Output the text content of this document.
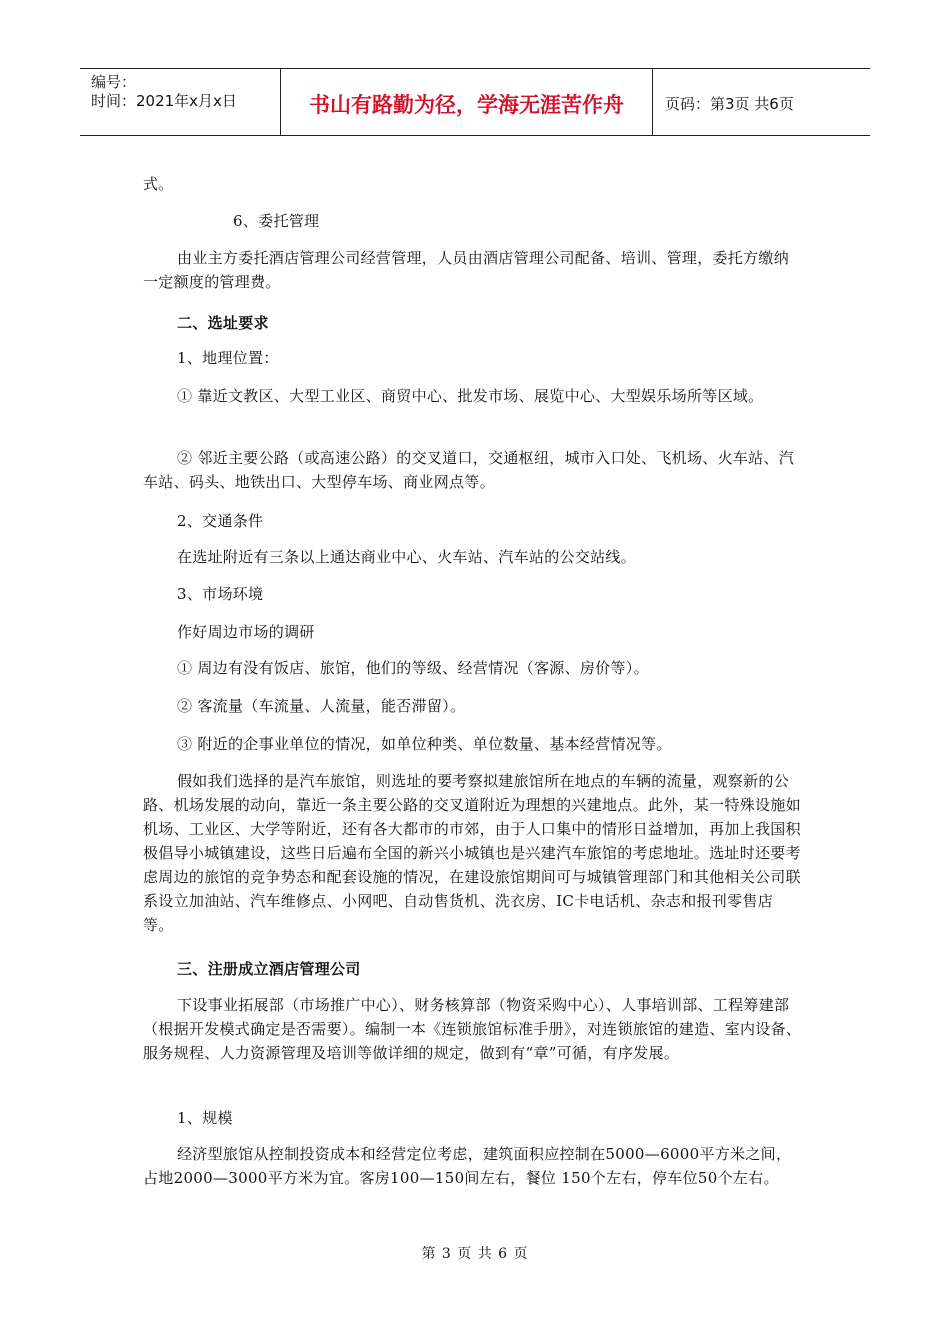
编号：
时间：2021年x月x日	书山有路勤为径，学海无涯苦作舟	页码：第3页 共6页

式。

6、委托管理

由业主方委托酒店管理公司经营管理，人员由酒店管理公司配备、培训、管理，委托方缴纳一定额度的管理费。

二、选址要求

1、地理位置：

① 靠近文教区、大型工业区、商贸中心、批发市场、展览中心、大型娱乐场所等区域。

② 邻近主要公路（或高速公路）的交叉道口，交通枢纽，城市入口处、飞机场、火车站、汽车站、码头、地铁出口、大型停车场、商业网点等。

2、交通条件

在选址附近有三条以上通达商业中心、火车站、汽车站的公交站线。

3、市场环境

作好周边市场的调研

① 周边有没有饭店、旅馆，他们的等级、经营情况（客源、房价等）。

② 客流量（车流量、人流量，能否滞留）。

③ 附近的企事业单位的情况，如单位种类、单位数量、基本经营情况等。

假如我们选择的是汽车旅馆，则选址的要考察拟建旅馆所在地点的车辆的流量，观察新的公路、机场发展的动向，靠近一条主要公路的交叉道附近为理想的兴建地点。此外，某一特殊设施如机场、工业区、大学等附近，还有各大都市的市郊，由于人口集中的情形日益增加，再加上我国积极倡导小城镇建设，这些日后遍布全国的新兴小城镇也是兴建汽车旅馆的考虑地址。选址时还要考虑周边的旅馆的竞争势态和配套设施的情况，在建设旅馆期间可与城镇管理部门和其他相关公司联系设立加油站、汽车维修点、小网吧、自动售货机、洗衣房、IC卡电话机、杂志和报刊零售店等。

三、注册成立酒店管理公司

下设事业拓展部（市场推广中心）、财务核算部（物资采购中心）、人事培训部、工程筹建部（根据开发模式确定是否需要）。编制一本《连锁旅馆标准手册》，对连锁旅馆的建造、室内设备、服务规程、人力资源管理及培训等做详细的规定，做到有“章”可循，有序发展。

1、规模

经济型旅馆从控制投资成本和经营定位考虑，建筑面积应控制在5000—6000平方米之间，占地2000—3000平方米为宜。客房100—150间左右，餐位 150个左右，停车位50个左右。

第 3 页 共 6 页
